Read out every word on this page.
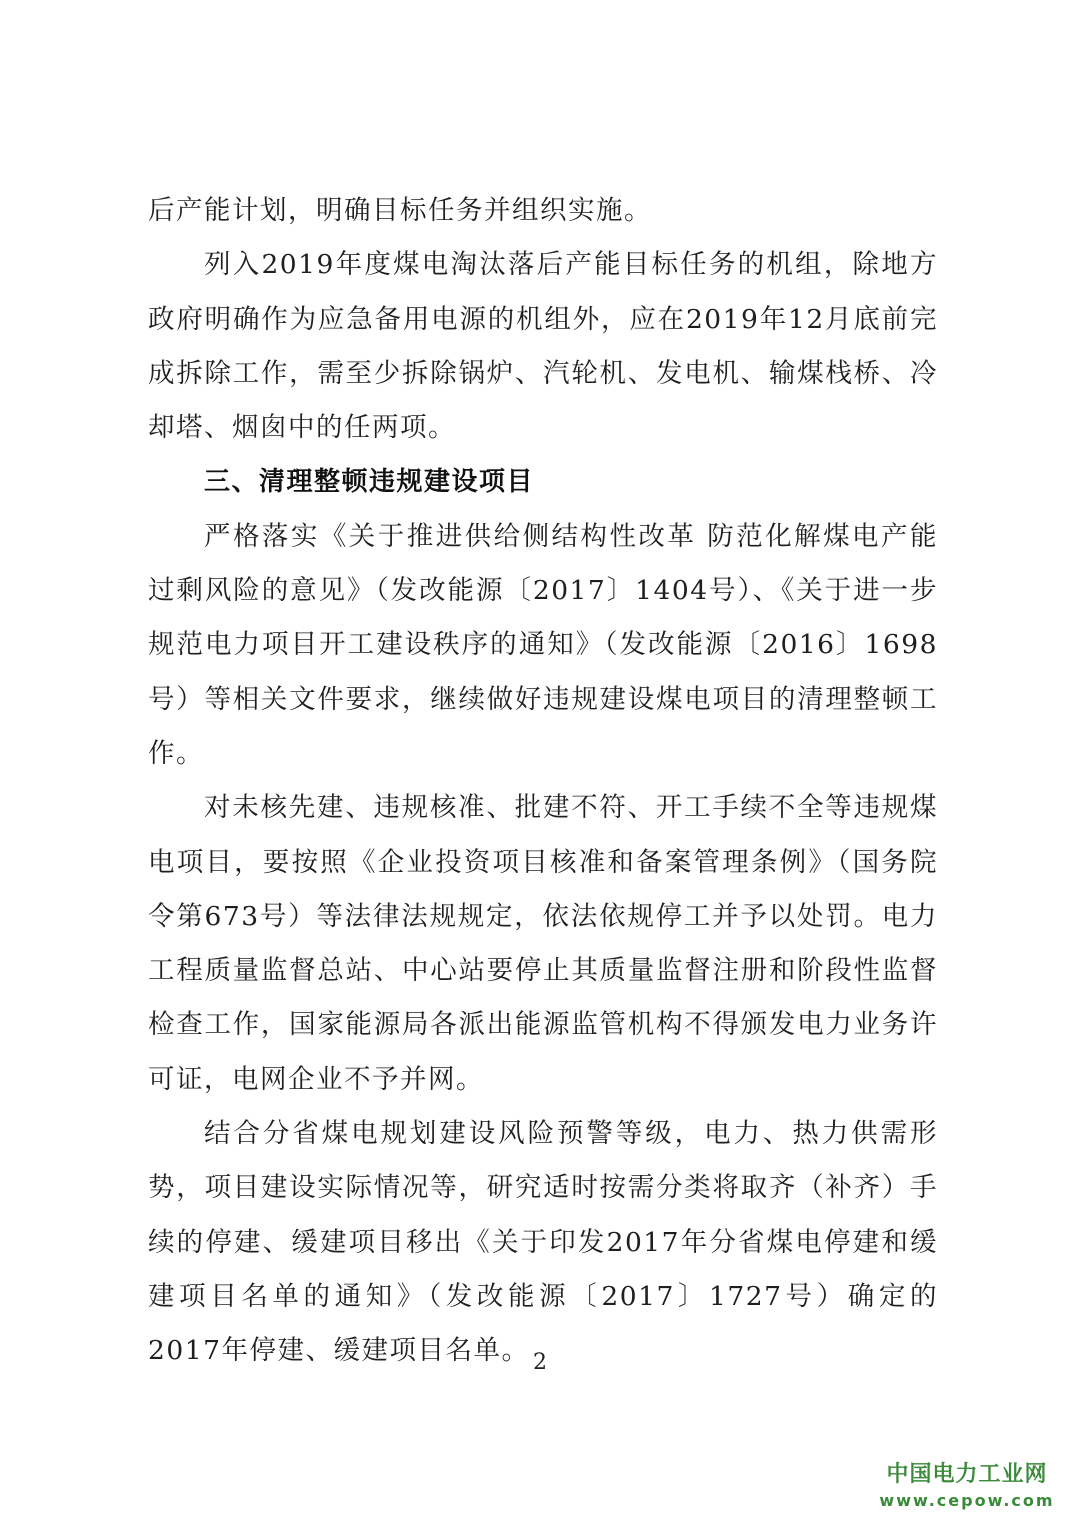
后产能计划，明确目标任务并组织实施。

列入2019年度煤电淘汰落后产能目标任务的机组，除地方政府明确作为应急备用电源的机组外，应在2019年12月底前完成拆除工作，需至少拆除锅炉、汽轮机、发电机、输煤栈桥、冷却塔、烟囱中的任两项。

三、清理整顿违规建设项目

严格落实《关于推进供给侧结构性改革 防范化解煤电产能过剩风险的意见》（发改能源〔2017〕1404号）、《关于进一步规范电力项目开工建设秩序的通知》（发改能源〔2016〕1698号）等相关文件要求，继续做好违规建设煤电项目的清理整顿工作。

对未核先建、违规核准、批建不符、开工手续不全等违规煤电项目，要按照《企业投资项目核准和备案管理条例》（国务院令第673号）等法律法规规定，依法依规停工并予以处罚。电力工程质量监督总站、中心站要停止其质量监督注册和阶段性监督检查工作，国家能源局各派出能源监管机构不得颁发电力业务许可证，电网企业不予并网。

结合分省煤电规划建设风险预警等级，电力、热力供需形势，项目建设实际情况等，研究适时按需分类将取齐（补齐）手续的停建、缓建项目移出《关于印发2017年分省煤电停建和缓建项目名单的通知》（发改能源〔2017〕1727号）确定的2017年停建、缓建项目名单。 2
中国电力工业网
www.cepow.com
